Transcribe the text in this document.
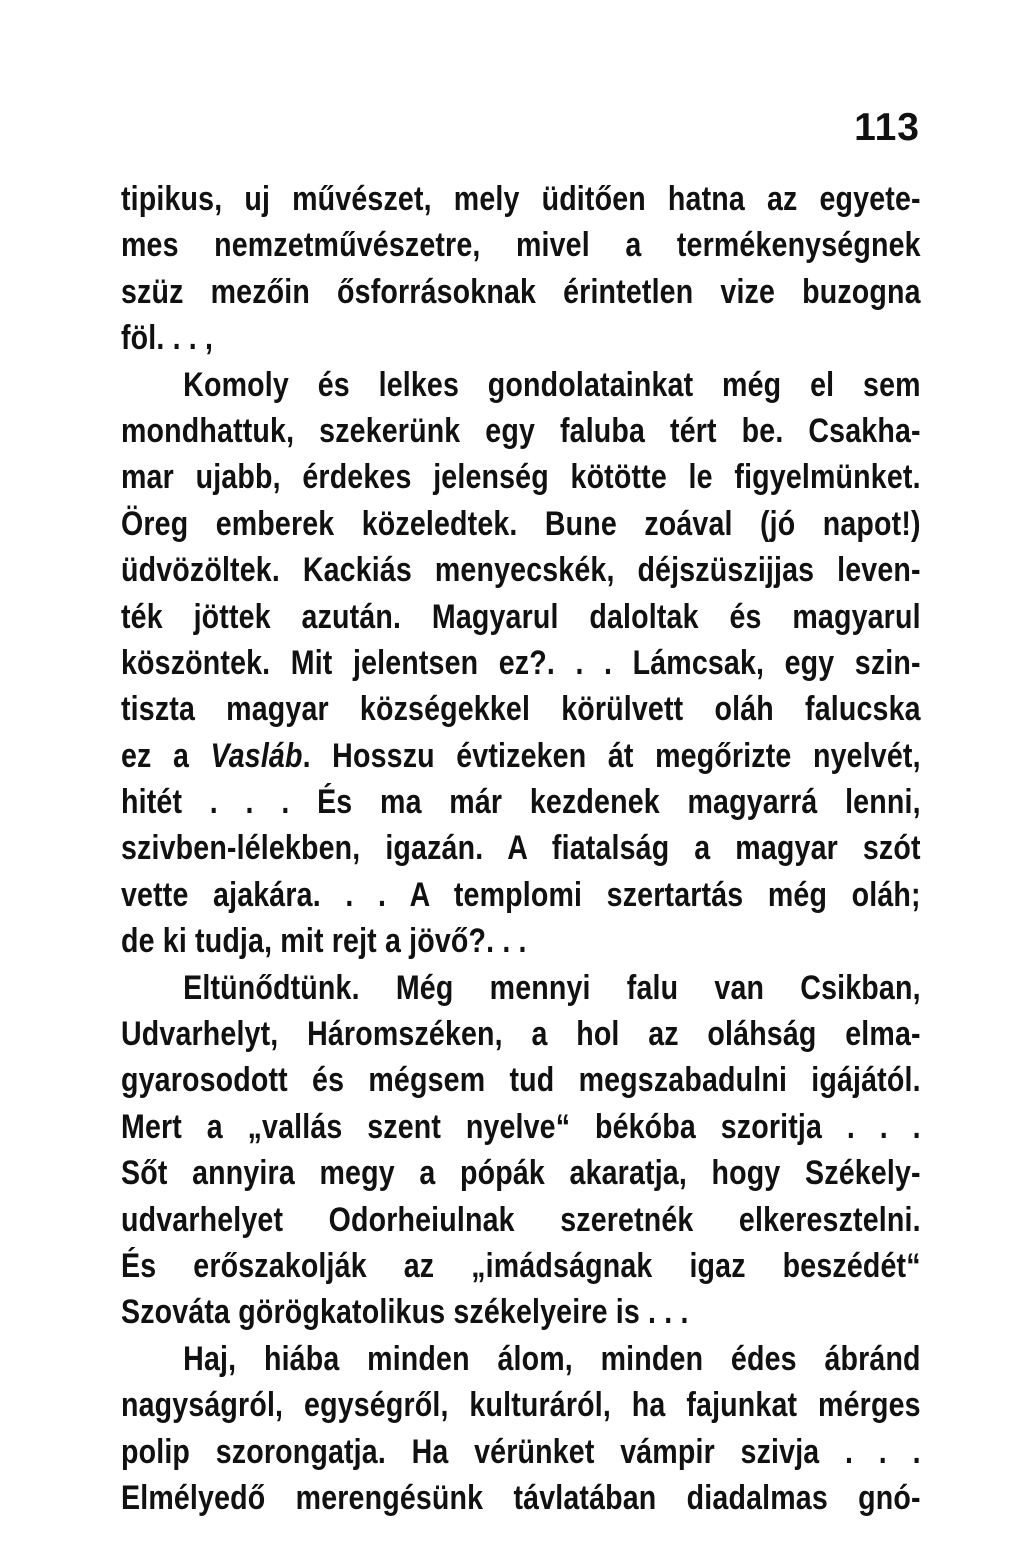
113
tipikus, uj művészet, mely üditően hatna az egyete-
mes nemzetművészetre, mivel a termékenységnek
szüz mezőin ősforrásoknak érintetlen vize buzogna
föl. . . ,
Komoly és lelkes gondolatainkat még el sem
mondhattuk, szekerünk egy faluba tért be. Csakha-
mar ujabb, érdekes jelenség kötötte le figyelmünket.
Öreg emberek közeledtek. Bune zoával (jó napot!)
üdvözöltek. Kackiás menyecskék, déjszüszijjas leven-
ték jöttek azután. Magyarul daloltak és magyarul
köszöntek. Mit jelentsen ez?. . . Lámcsak, egy szin-
tiszta magyar községekkel körülvett oláh falucska
ez a Vasláb. Hosszu évtizeken át megőrizte nyelvét,
hitét . . . És ma már kezdenek magyarrá lenni,
szivben-lélekben, igazán. A fiatalság a magyar szót
vette ajakára. . . A templomi szertartás még oláh;
de ki tudja, mit rejt a jövő?. . .
Eltünődtünk. Még mennyi falu van Csikban,
Udvarhelyt, Háromszéken, a hol az oláhság elma-
gyarosodott és mégsem tud megszabadulni igájától.
Mert a „vallás szent nyelve“ békóba szoritja . . .
Sőt annyira megy a pópák akaratja, hogy Székely-
udvarhelyet Odorheiulnak szeretnék elkeresztelni.
És erőszakolják az „imádságnak igaz beszédét“
Szováta görögkatolikus székelyeire is . . .
Haj, hiába minden álom, minden édes ábránd
nagyságról, egységről, kulturáról, ha fajunkat mérges
polip szorongatja. Ha vérünket vámpir szivja . . .
Elmélyedő merengésünk távlatában diadalmas gnó-
